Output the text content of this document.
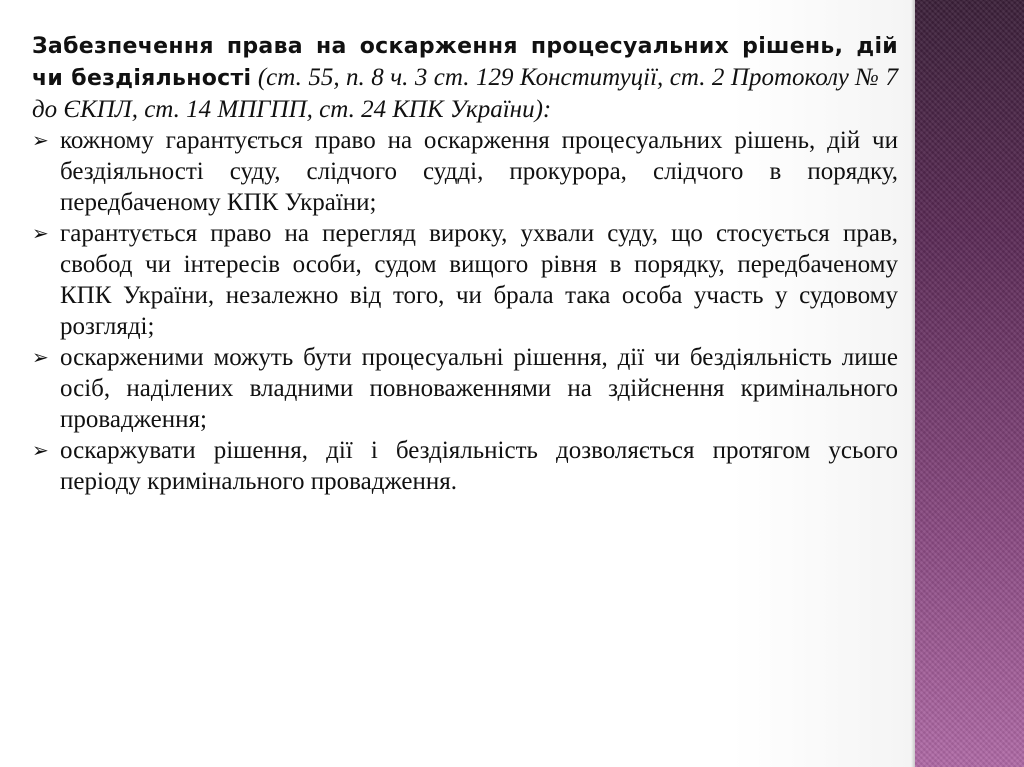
Забезпечення права на оскарження процесуальних рішень, дій чи бездіяльності (ст. 55, п. 8 ч. 3 ст. 129 Конституції, ст. 2 Протоколу № 7 до ЄКПЛ, ст. 14 МПГПП, ст. 24 КПК України):

➢ кожному гарантується право на оскарження процесуальних рішень, дій чи бездіяльності суду, слідчого судді, прокурора, слідчого в порядку, передбаченому КПК України;
➢ гарантується право на перегляд вироку, ухвали суду, що стосується прав, свобод чи інтересів особи, судом вищого рівня в порядку, передбаченому КПК України, незалежно від того, чи брала така особа участь у судовому розгляді;
➢ оскарженими можуть бути процесуальні рішення, дії чи бездіяльність лише осіб, наділених владними повноваженнями на здійснення кримінального провадження;
➢ оскаржувати рішення, дії і бездіяльність дозволяється протягом усього періоду кримінального провадження.
